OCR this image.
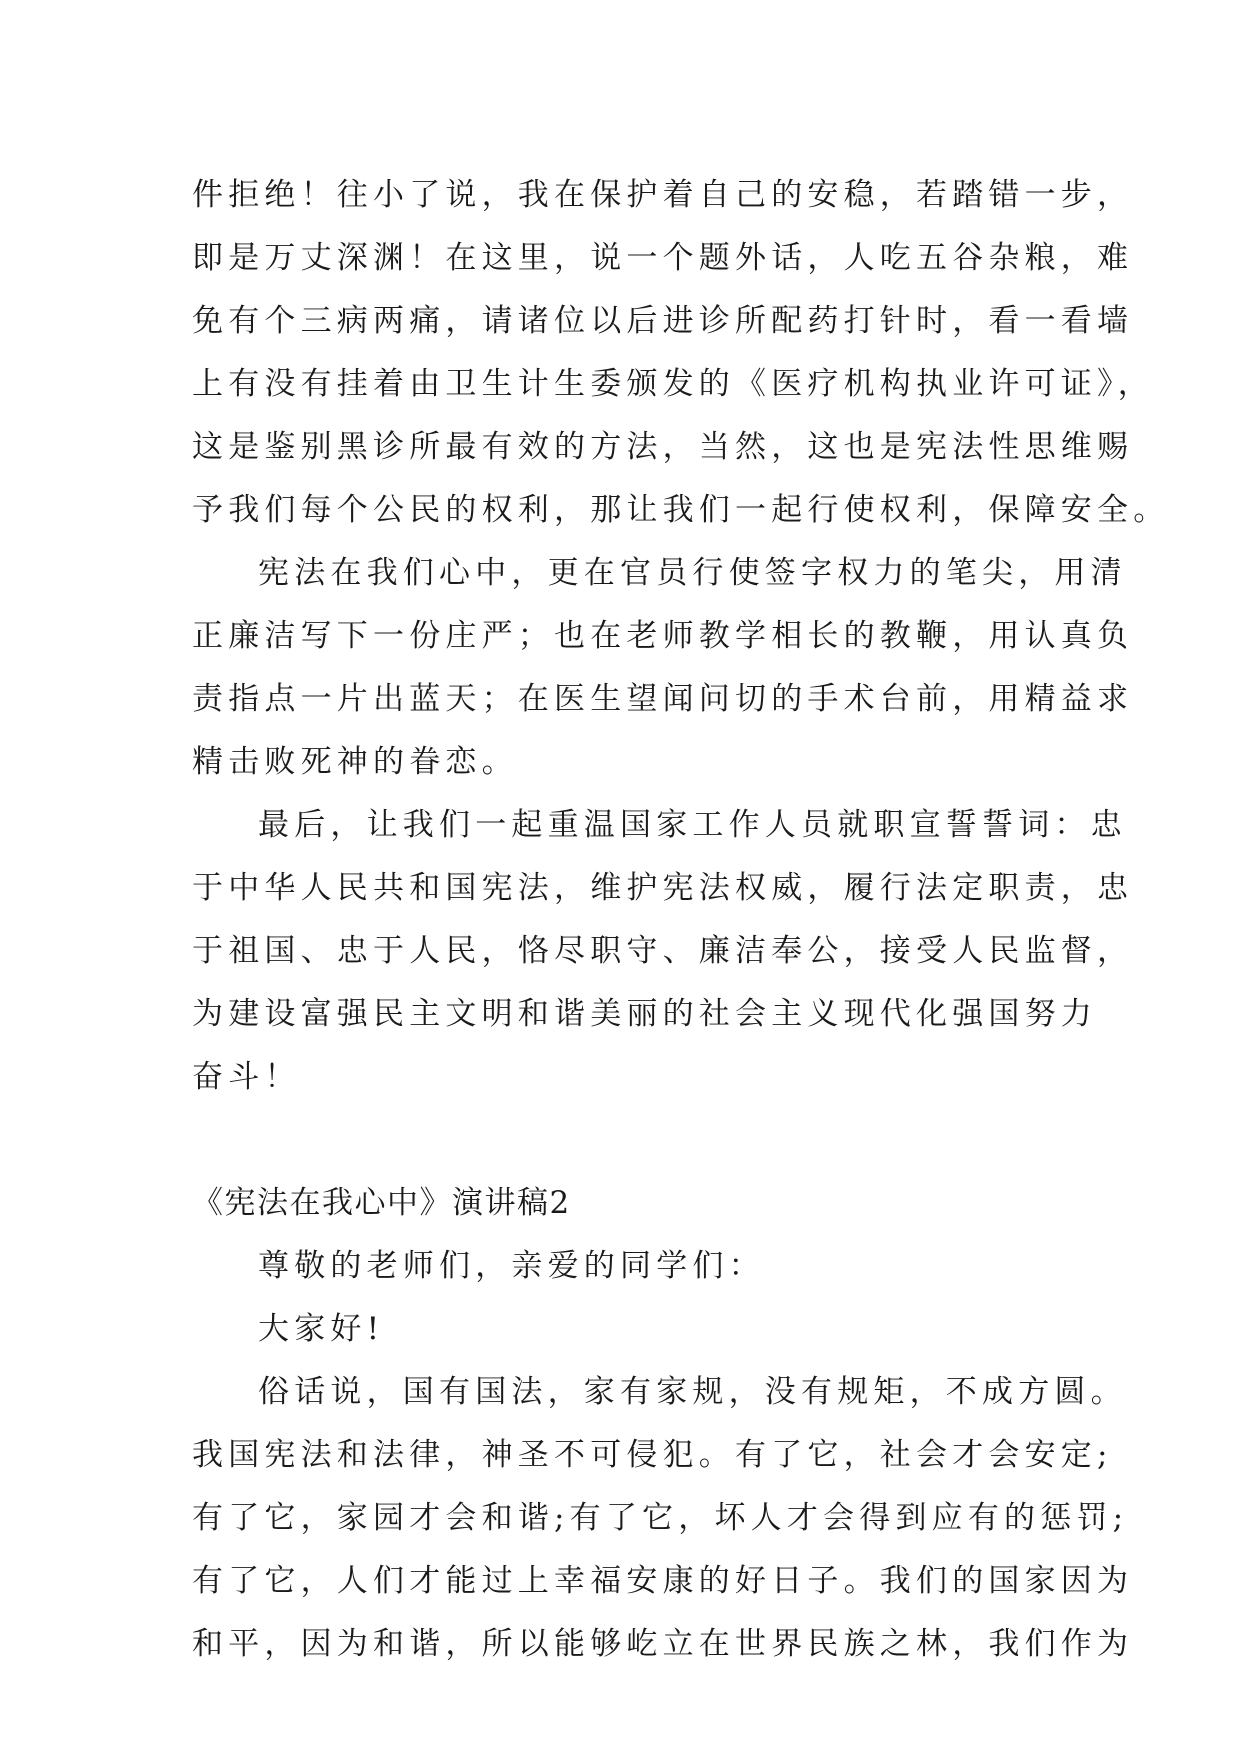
件拒绝！往小了说，我在保护着自己的安稳，若踏错一步，
即是万丈深渊！在这里，说一个题外话，人吃五谷杂粮，难
免有个三病两痛，请诸位以后进诊所配药打针时，看一看墙
上有没有挂着由卫生计生委颁发的《医疗机构执业许可证》，
这是鉴别黑诊所最有效的方法，当然，这也是宪法性思维赐
予我们每个公民的权利，那让我们一起行使权利，保障安全。
宪法在我们心中，更在官员行使签字权力的笔尖，用清
正廉洁写下一份庄严；也在老师教学相长的教鞭，用认真负
责指点一片出蓝天；在医生望闻问切的手术台前，用精益求
精击败死神的眷恋。
最后，让我们一起重温国家工作人员就职宣誓誓词：忠
于中华人民共和国宪法，维护宪法权威，履行法定职责，忠
于祖国、忠于人民，恪尽职守、廉洁奉公，接受人民监督，
为建设富强民主文明和谐美丽的社会主义现代化强国努力
奋斗！
《宪法在我心中》演讲稿2
尊敬的老师们，亲爱的同学们：
大家好!
俗话说，国有国法，家有家规，没有规矩，不成方圆。
我国宪法和法律，神圣不可侵犯。有了它，社会才会安定;
有了它，家园才会和谐;有了它，坏人才会得到应有的惩罚;
有了它，人们才能过上幸福安康的好日子。我们的国家因为
和平，因为和谐，所以能够屹立在世界民族之林，我们作为
